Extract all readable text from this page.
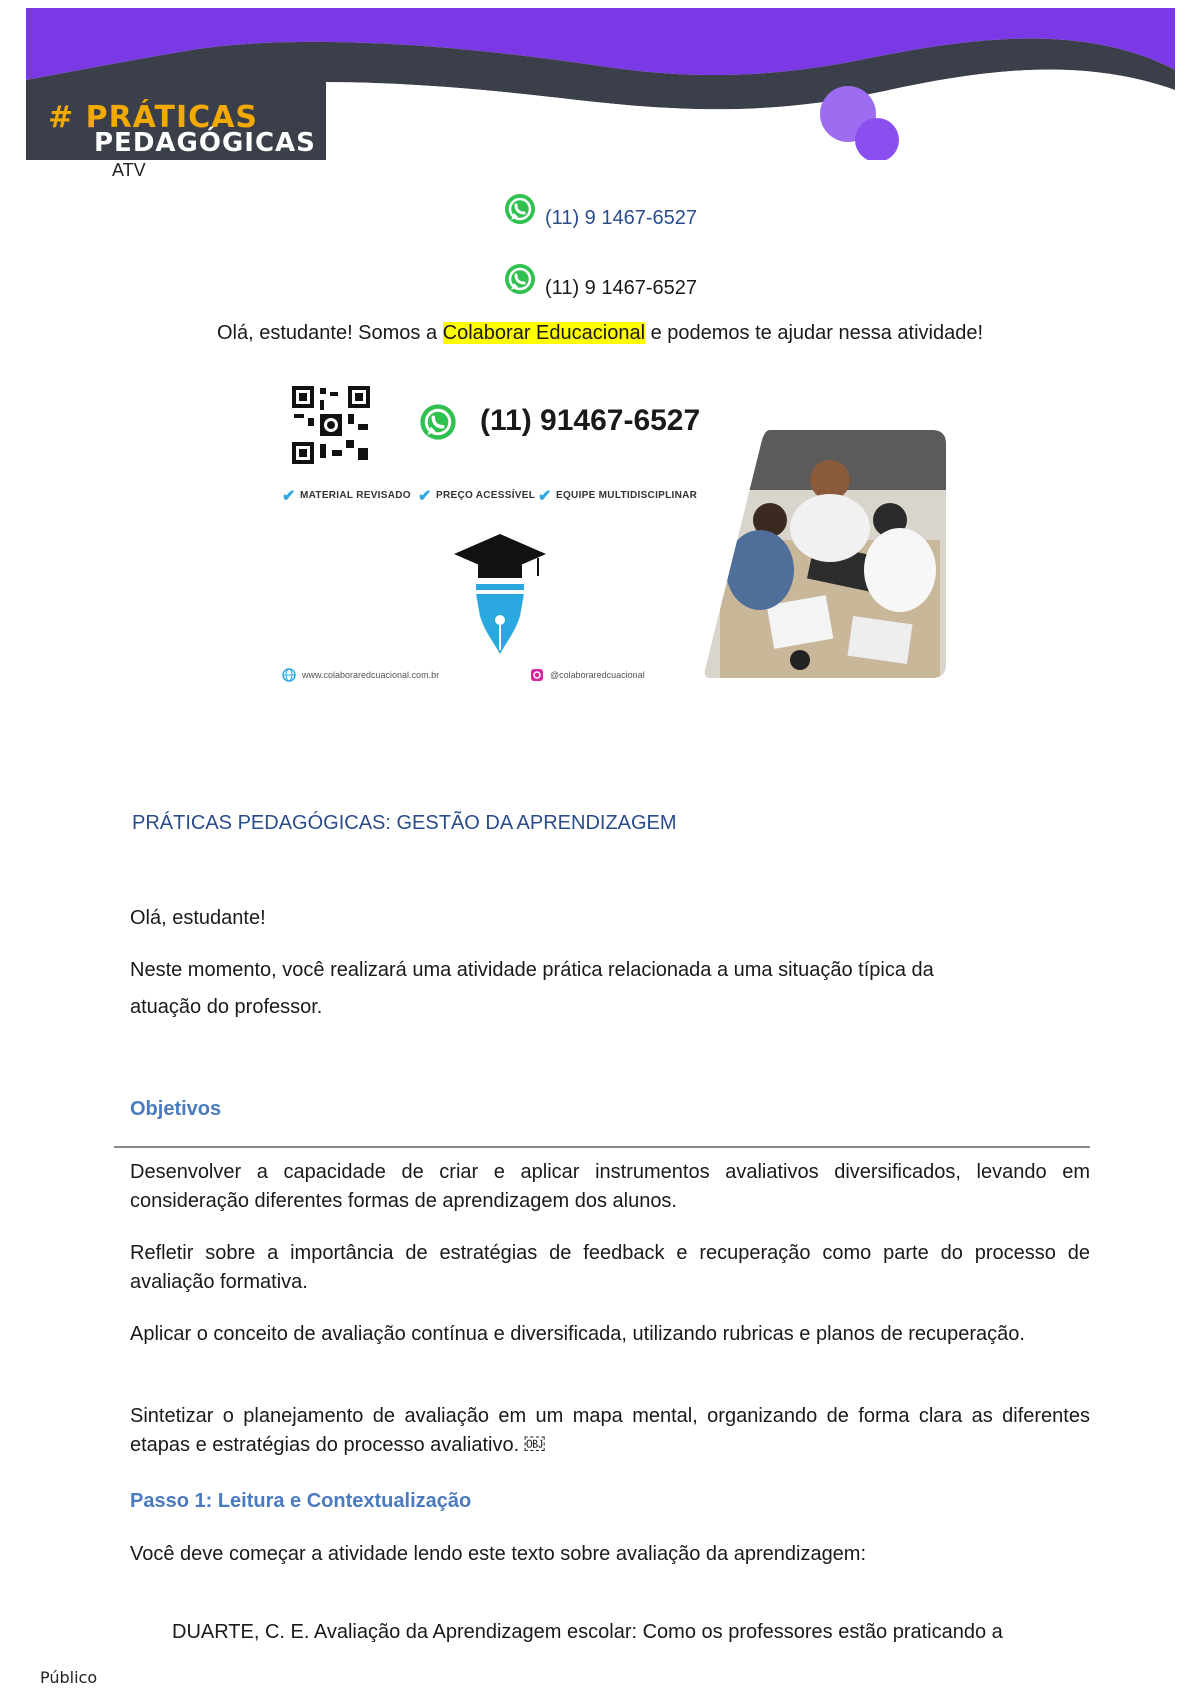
# PRÁTICAS
PEDAGÓGICAS
ATV
(11) 9 1467-6527
(11) 9 1467-6527
Olá, estudante! Somos a Colaborar Educacional e podemos te ajudar nessa atividade!
(11) 91467-6527
✔ MATERIAL REVISADO ✔ PREÇO ACESSÍVEL ✔ EQUIPE MULTIDISCIPLINAR
www.colaboraredcuacional.com.br	@colaboraredcuacional
PRÁTICAS PEDAGÓGICAS: GESTÃO DA APRENDIZAGEM
Olá, estudante!
Neste momento, você realizará uma atividade prática relacionada a uma situação típica da
atuação do professor.
Objetivos
Desenvolver a capacidade de criar e aplicar instrumentos avaliativos diversificados, levando em consideração diferentes formas de aprendizagem dos alunos.
Refletir sobre a importância de estratégias de feedback e recuperação como parte do processo de avaliação formativa.
Aplicar o conceito de avaliação contínua e diversificada, utilizando rubricas e planos de recuperação.
Sintetizar o planejamento de avaliação em um mapa mental, organizando de forma clara as diferentes etapas e estratégias do processo avaliativo. ￼
Passo 1: Leitura e Contextualização
Você deve começar a atividade lendo este texto sobre avaliação da aprendizagem:
DUARTE, C. E. Avaliação da Aprendizagem escolar: Como os professores estão praticando a
Público
